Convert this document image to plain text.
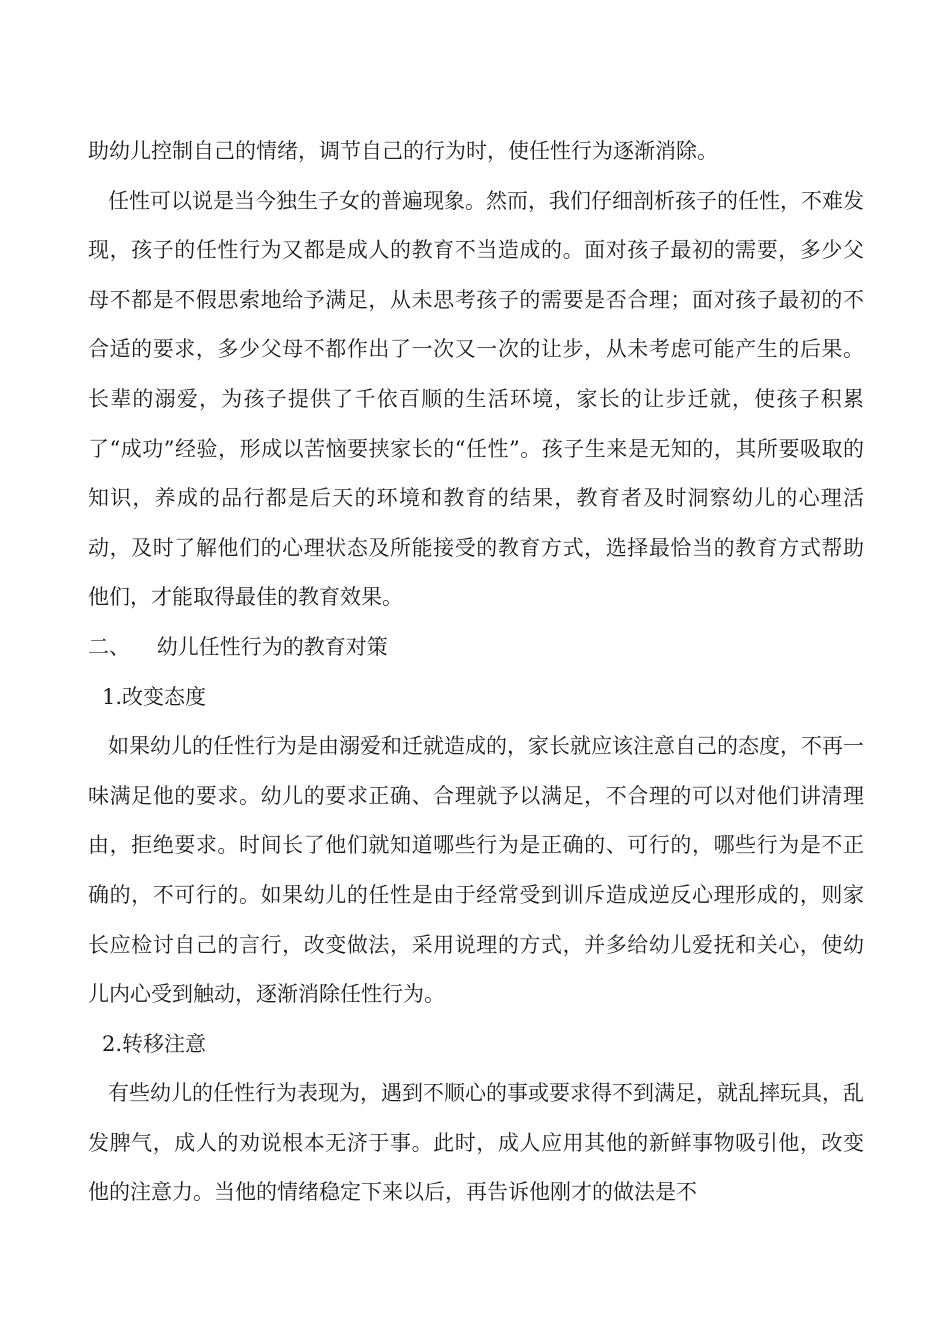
助幼儿控制自己的情绪，调节自己的行为时，使任性行为逐渐消除。

任性可以说是当今独生子女的普遍现象。然而，我们仔细剖析孩子的任性，不难发现，孩子的任性行为又都是成人的教育不当造成的。面对孩子最初的需要，多少父母不都是不假思索地给予满足，从未思考孩子的需要是否合理；面对孩子最初的不合适的要求，多少父母不都作出了一次又一次的让步，从未考虑可能产生的后果。长辈的溺爱，为孩子提供了千依百顺的生活环境，家长的让步迁就，使孩子积累了“成功”经验，形成以苦恼要挟家长的“任性”。孩子生来是无知的，其所要吸取的知识，养成的品行都是后天的环境和教育的结果，教育者及时洞察幼儿的心理活动，及时了解他们的心理状态及所能接受的教育方式，选择最恰当的教育方式帮助他们，才能取得最佳的教育效果。

二、    幼儿任性行为的教育对策

1.改变态度

如果幼儿的任性行为是由溺爱和迁就造成的，家长就应该注意自己的态度，不再一味满足他的要求。幼儿的要求正确、合理就予以满足，不合理的可以对他们讲清理由，拒绝要求。时间长了他们就知道哪些行为是正确的、可行的，哪些行为是不正确的，不可行的。如果幼儿的任性是由于经常受到训斥造成逆反心理形成的，则家长应检讨自己的言行，改变做法，采用说理的方式，并多给幼儿爱抚和关心，使幼儿内心受到触动，逐渐消除任性行为。

2.转移注意

有些幼儿的任性行为表现为，遇到不顺心的事或要求得不到满足，就乱摔玩具，乱发脾气，成人的劝说根本无济于事。此时，成人应用其他的新鲜事物吸引他，改变他的注意力。当他的情绪稳定下来以后，再告诉他刚才的做法是不
